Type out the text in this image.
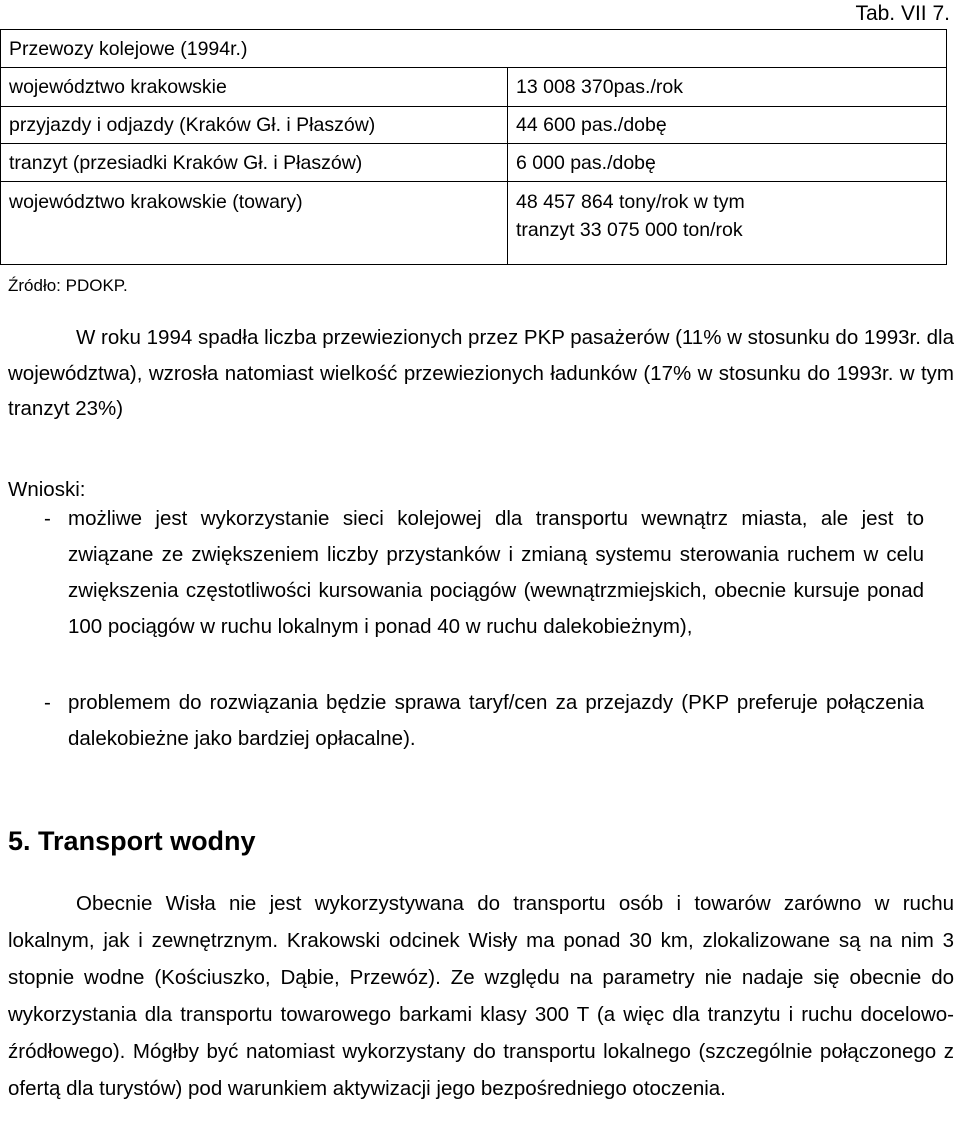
Tab. VII 7.
Przewozy kolejowe (1994r.)	
województwo krakowskie	13 008 370pas./rok
przyjazdy i odjazdy (Kraków Gł. i Płaszów)	44 600 pas./dobę
tranzyt (przesiadki Kraków Gł. i Płaszów)	6 000 pas./dobę
województwo krakowskie (towary)	48 457 864 tony/rok w tym
tranzyt 33 075 000 ton/rok
Źródło: PDOKP.
W roku 1994 spadła liczba przewiezionych przez PKP pasażerów (11% w stosunku do 1993r. dla województwa), wzrosła natomiast wielkość przewiezionych ładunków (17% w stosunku do 1993r. w tym tranzyt 23%)
Wnioski:
- możliwe jest wykorzystanie sieci kolejowej dla transportu wewnątrz miasta, ale jest to związane ze zwiększeniem liczby przystanków i zmianą systemu sterowania ruchem w celu zwiększenia częstotliwości kursowania pociągów (wewnątrzmiejskich, obecnie kursuje ponad 100 pociągów w ruchu lokalnym i ponad 40 w ruchu dalekobieżnym),
- problemem do rozwiązania będzie sprawa taryf/cen za przejazdy (PKP preferuje połączenia dalekobieżne jako bardziej opłacalne).
5. Transport wodny
Obecnie Wisła nie jest wykorzystywana do transportu osób i towarów zarówno w ruchu lokalnym, jak i zewnętrznym. Krakowski odcinek Wisły ma ponad 30 km, zlokalizowane są na nim 3 stopnie wodne (Kościuszko, Dąbie, Przewóz). Ze względu na parametry nie nadaje się obecnie do wykorzystania dla transportu towarowego barkami klasy 300 T (a więc dla tranzytu i ruchu docelowo-źródłowego). Mógłby być natomiast wykorzystany do transportu lokalnego (szczególnie połączonego z ofertą dla turystów) pod warunkiem aktywizacji jego bezpośredniego otoczenia.
